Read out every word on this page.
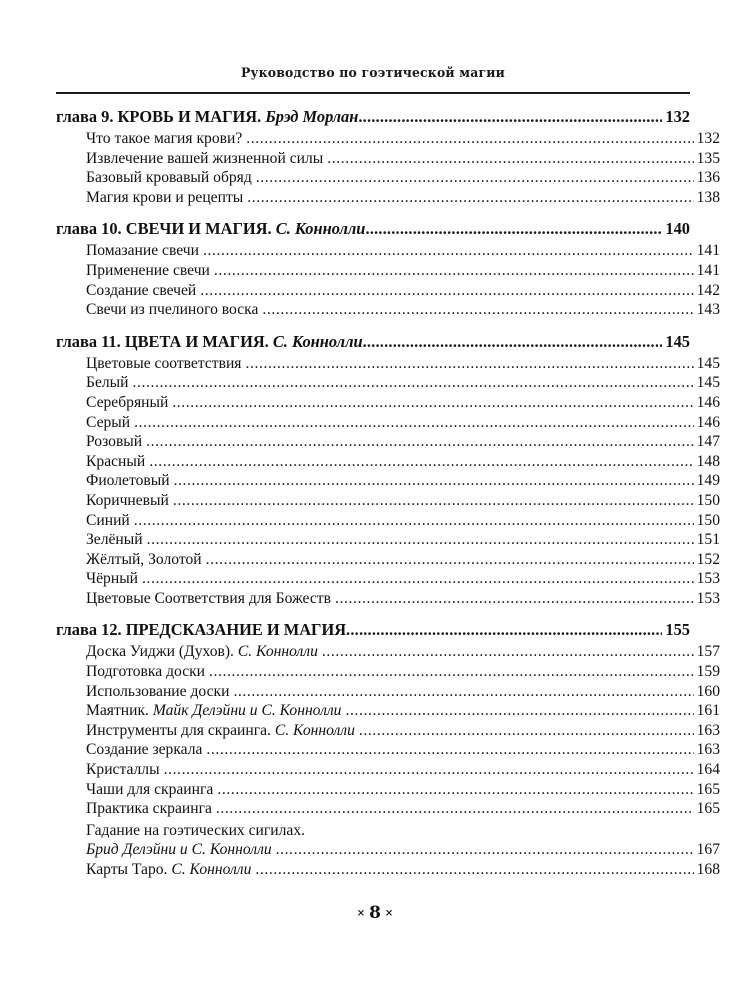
Руководство по гоэтической магии
глава 9. КРОВЬ И МАГИЯ. Брэд Морлан .....	132
Что такое магия крови? .....	132
Извлечение вашей жизненной силы .....	135
Базовый кровавый обряд .....	136
Магия крови и рецепты .....	138
глава 10. СВЕЧИ И МАГИЯ. С. Коннолли .....	140
Помазание свечи .....	141
Применение свечи .....	141
Создание свечей .....	142
Свечи из пчелиного воска .....	143
глава 11. ЦВЕТА И МАГИЯ. С. Коннолли .....	145
Цветовые соответствия .....	145
Белый .....	145
Серебряный .....	146
Серый .....	146
Розовый .....	147
Красный .....	148
Фиолетовый .....	149
Коричневый .....	150
Синий .....	150
Зелёный .....	151
Жёлтый, Золотой .....	152
Чёрный .....	153
Цветовые Соответствия для Божеств .....	153
глава 12. ПРЕДСКАЗАНИЕ И МАГИЯ .....	155
Доска Уиджи (Духов). С. Коннолли .....	157
Подготовка доски .....	159
Использование доски .....	160
Маятник. Майк Делэйни и С. Коннолли .....	161
Инструменты для скраинга. С. Коннолли .....	163
Создание зеркала .....	163
Кристаллы .....	164
Чаши для скраинга .....	165
Практика скраинга .....	165
Гадание на гоэтических сигилах.
Брид Делэйни и С. Коннолли .....	167
Карты Таро. С. Коннолли .....	168
× 8 ×
